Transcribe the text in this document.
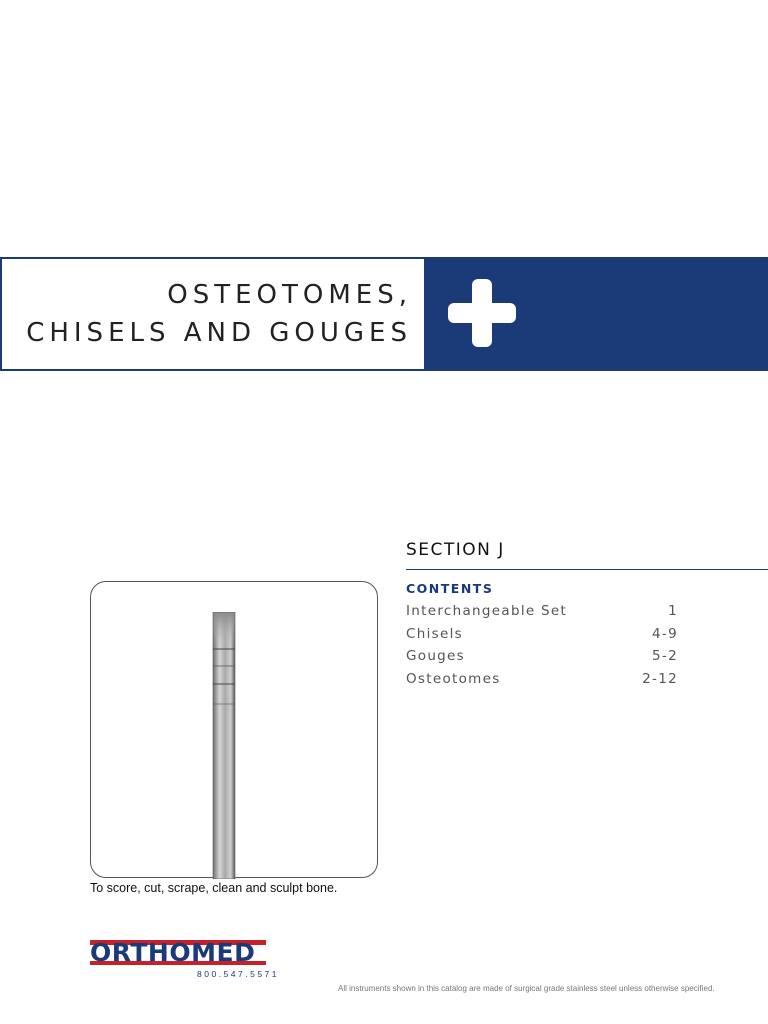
OSTEOTOMES,
CHISELS AND GOUGES
SECTION J
CONTENTS
Interchangeable Set	1
Chisels	4-9
Gouges	5-2
Osteotomes	2-12
To score, cut, scrape, clean and sculpt bone.
ORTHOMED
800.547.5571
All instruments shown in this catalog are made of surgical grade stainless steel unless otherwise specified.
